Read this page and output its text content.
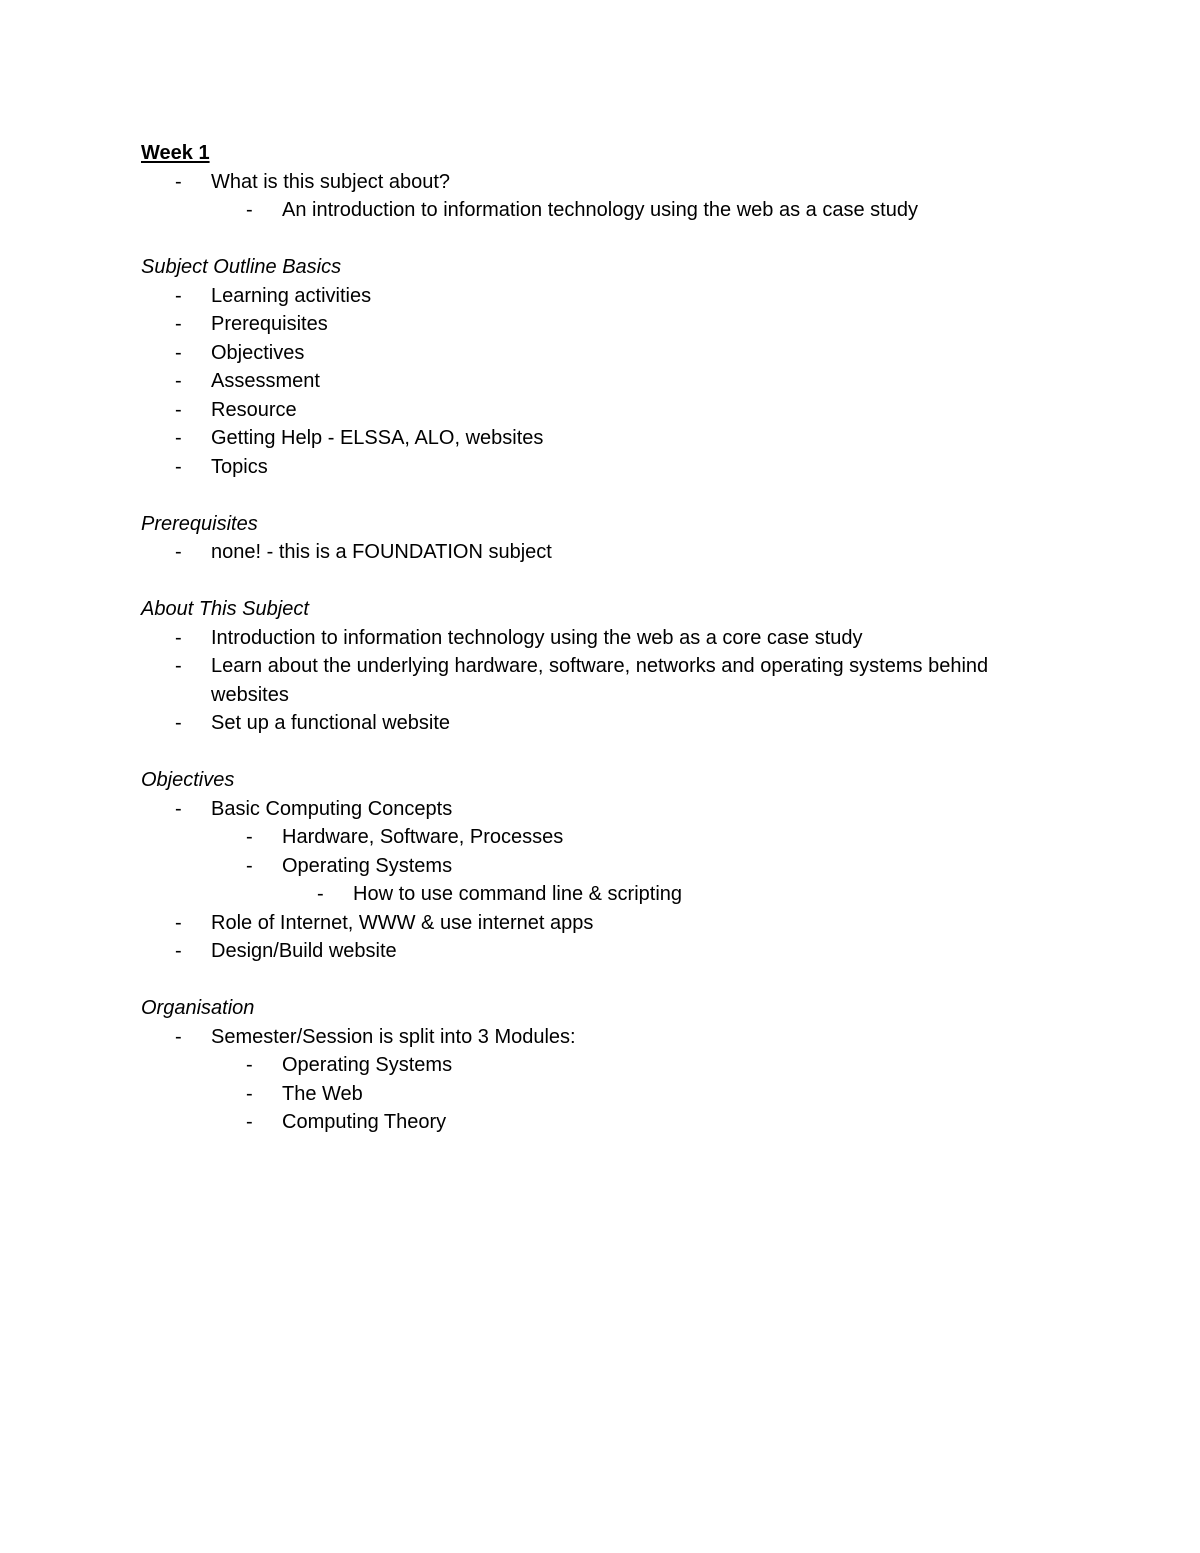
Week 1
- What is this subject about?
- An introduction to information technology using the web as a case study
Subject Outline Basics
- Learning activities
- Prerequisites
- Objectives
- Assessment
- Resource
- Getting Help - ELSSA, ALO, websites
- Topics
Prerequisites
- none! - this is a FOUNDATION subject
About This Subject
- Introduction to information technology using the web as a core case study
- Learn about the underlying hardware, software, networks and operating systems behind websites
- Set up a functional website
Objectives
- Basic Computing Concepts
- Hardware, Software, Processes
- Operating Systems
- How to use command line & scripting
- Role of Internet, WWW & use internet apps
- Design/Build website
Organisation
- Semester/Session is split into 3 Modules:
- Operating Systems
- The Web
- Computing Theory
